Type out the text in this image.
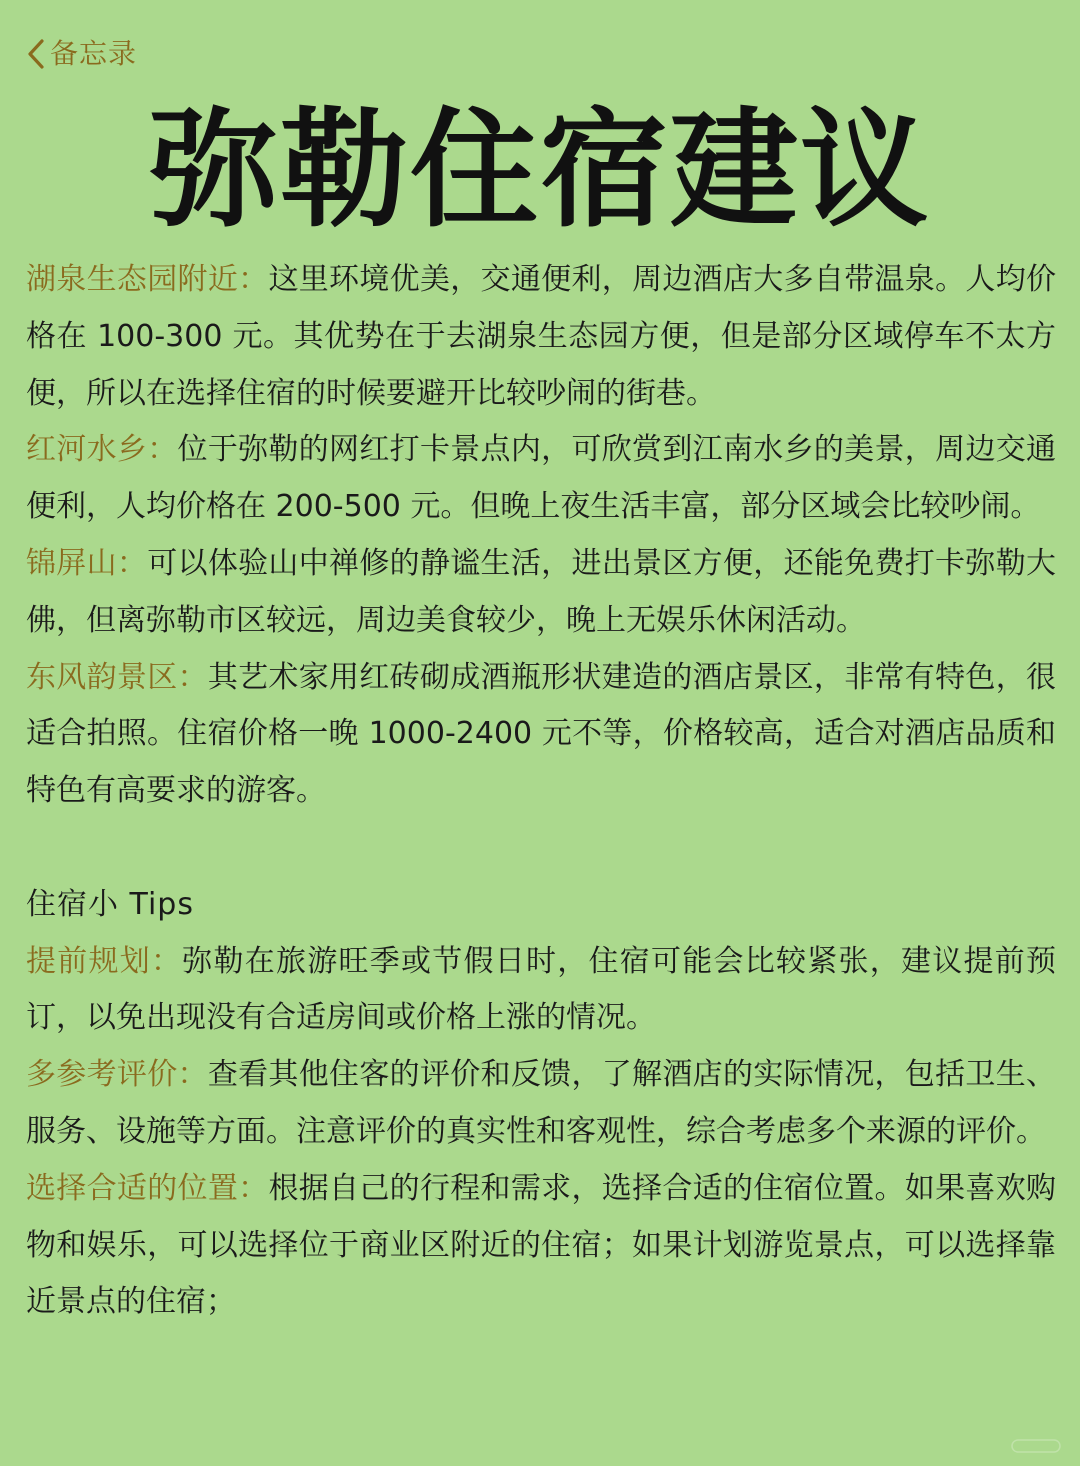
备忘录
弥勒住宿建议

湖泉生态园附近：这里环境优美，交通便利，周边酒店大多自带温泉。人均价格在 100-300 元。其优势在于去湖泉生态园方便，但是部分区域停车不太方便，所以在选择住宿的时候要避开比较吵闹的街巷。

红河水乡：位于弥勒的网红打卡景点内，可欣赏到江南水乡的美景，周边交通便利，人均价格在 200-500 元。但晚上夜生活丰富，部分区域会比较吵闹。

锦屏山：可以体验山中禅修的静谧生活，进出景区方便，还能免费打卡弥勒大佛，但离弥勒市区较远，周边美食较少，晚上无娱乐休闲活动。

东风韵景区：其艺术家用红砖砌成酒瓶形状建造的酒店景区，非常有特色，很适合拍照。住宿价格一晚 1000-2400 元不等，价格较高，适合对酒店品质和特色有高要求的游客。

住宿小 Tips

提前规划：弥勒在旅游旺季或节假日时，住宿可能会比较紧张，建议提前预订，以免出现没有合适房间或价格上涨的情况。

多参考评价：查看其他住客的评价和反馈，了解酒店的实际情况，包括卫生、服务、设施等方面。注意评价的真实性和客观性，综合考虑多个来源的评价。

选择合适的位置：根据自己的行程和需求，选择合适的住宿位置。如果喜欢购物和娱乐，可以选择位于商业区附近的住宿；如果计划游览景点，可以选择靠近景点的住宿；
